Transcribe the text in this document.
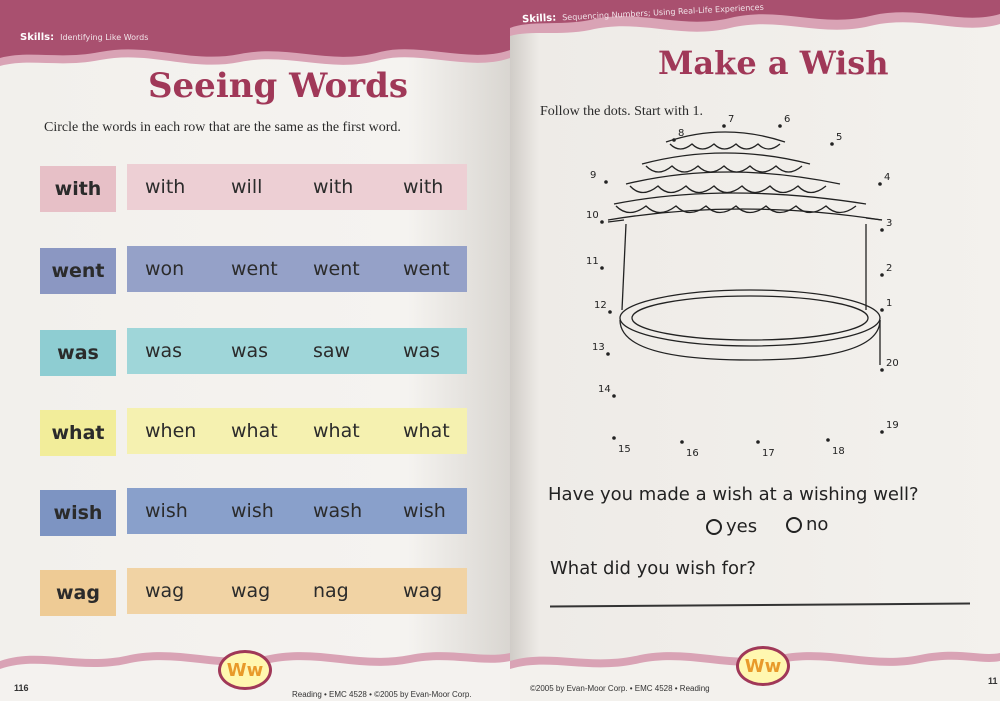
Skills: Identifying Like Words
Seeing Words
Circle the words in each row that are the same as the first word.
with	with will	with	with
went	won went went went
was	was	was saw	was
what	when what what what
wish	wish wish wash wish
wag	wag wag nag	wag
Ww
116
Reading • EMC 4528 • ©2005 by Evan-Moor Corp.
Skills: Sequencing Numbers; Using Real-Life Experiences
Make a Wish
Follow the dots. Start with 1.
1
2
3
4
5
6
7
8
9
10
11
12
13
14
15	16	17	18
19
20
Have you made a wish at a wishing well?
yes	no
What did you wish for?
Ww
©2005 by Evan-Moor Corp. • EMC 4528 • Reading
11
